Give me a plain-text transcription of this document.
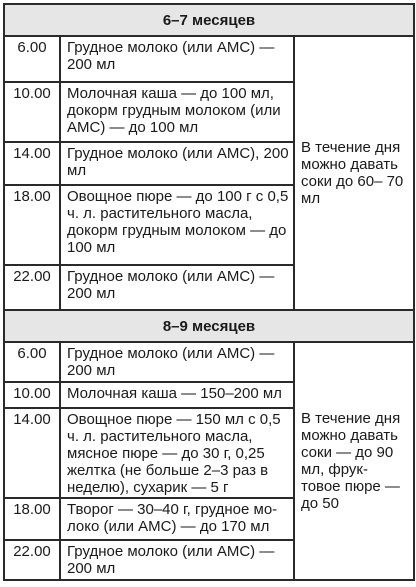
6–7 месяцев		
6.00	Грудное молоко (или АМС) — 200 мл	В течение дня можно давать соки до 60– 70 мл

10.00	Молочная каша — до 100 мл, докорм грудным молоком (или АМС) — до 100 мл	
14.00	Грудное молоко (или АМС), 200 мл	
18.00	Овощное пюре — до 100 г с 0,5 ч. л. растительного масла, докорм грудным молоком — до 100 мл	
22.00	Грудное молоко (или АМС) — 200 мл	
8–9 месяцев		
6.00	Грудное молоко (или АМС) — 200 мл	В течение дня можно давать соки — до 90 мл, фрук- товое пюре — до 50

10.00	Молочная каша — 150–200 мл	
14.00	Овощное пюре — 150 мл с 0,5 ч. л. растительного масла, мясное пюре — до 30 г, 0,25 желтка (не больше 2–3 раз в неделю), сухарик — 5 г	
18.00	Творог — 30–40 г, грудное мо- локо (или АМС) — до 170 мл	
22.00	Грудное молоко (или АМС) — 200 мл	
